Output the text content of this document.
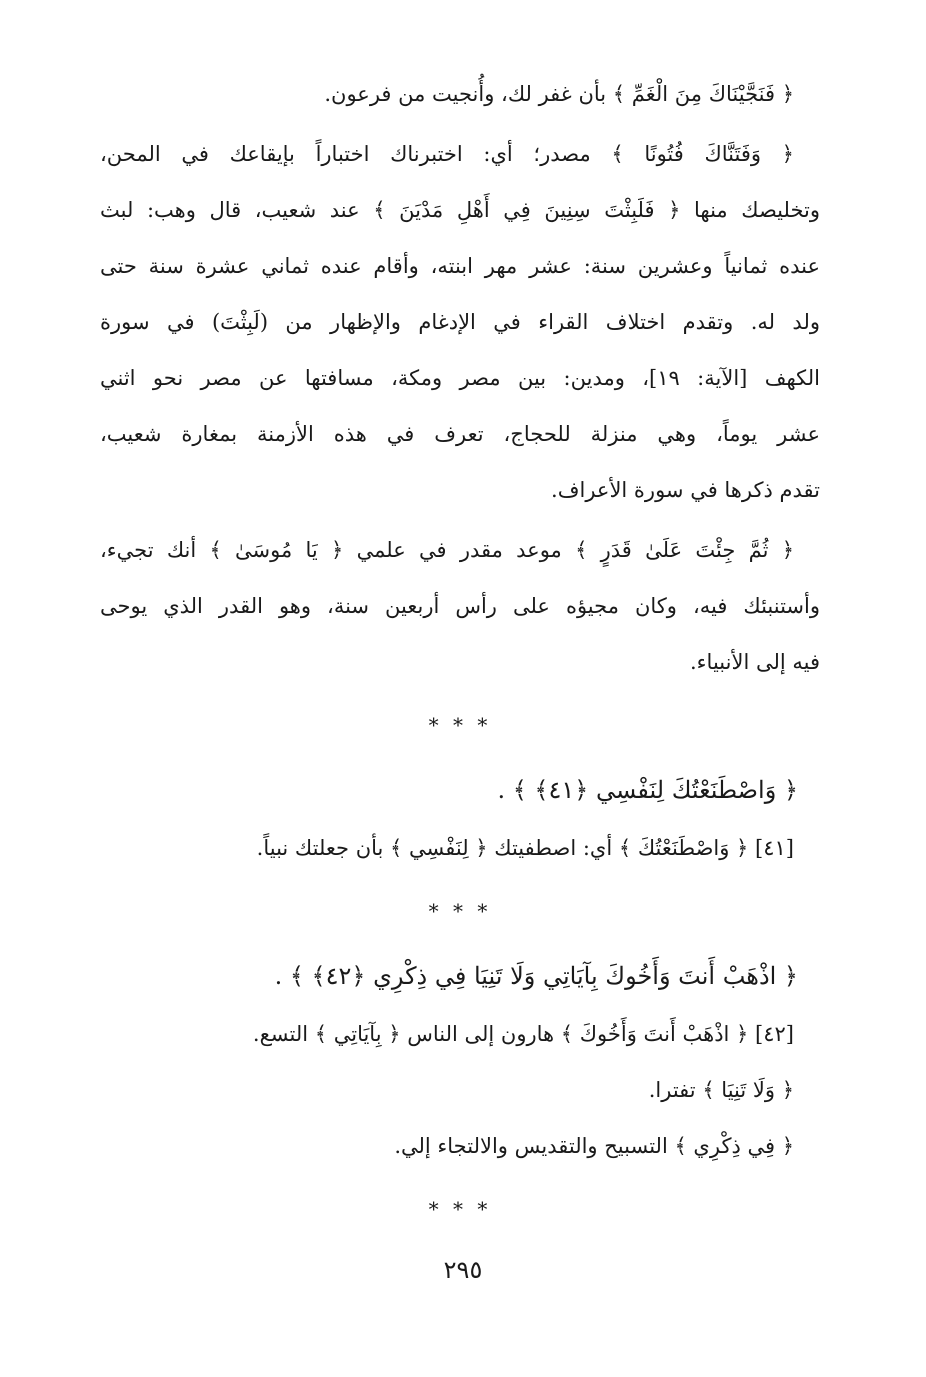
﴿ فَنَجَّيْنَاكَ مِنَ الْغَمِّ ﴾ بأن غفر لك، وأُنجيت من فرعون.
﴿ وَفَتَنَّاكَ فُتُونًا ﴾ مصدر؛ أي: اختبرناك اختباراً بإيقاعك في المحن،
وتخليصك منها ﴿ فَلَبِثْتَ سِنِينَ فِي أَهْلِ مَدْيَنَ ﴾ عند شعيب، قال وهب: لبث
عنده ثمانياً وعشرين سنة: عشر مهر ابنته، وأقام عنده ثماني عشرة سنة حتى
ولد له. وتقدم اختلاف القراء في الإدغام والإظهار من (لَبِثْتَ) في سورة
الكهف [الآية: ١٩]، ومدين: بين مصر ومكة، مسافتها عن مصر نحو اثني
عشر يوماً، وهي منزلة للحجاج، تعرف في هذه الأزمنة بمغارة شعيب،
تقدم ذكرها في سورة الأعراف.
﴿ ثُمَّ جِئْتَ عَلَىٰ قَدَرٍ ﴾ موعد مقدر في علمي ﴿ يَا مُوسَىٰ ﴾ أنك تجيء،
وأستنبئك فيه، وكان مجيؤه على رأس أربعين سنة، وهو القدر الذي يوحى
فيه إلى الأنبياء.
* * *
﴿ وَاصْطَنَعْتُكَ لِنَفْسِي ﴿٤١﴾ ﴾ .
[٤١] ﴿ وَاصْطَنَعْتُكَ ﴾ أي: اصطفيتك ﴿ لِنَفْسِي ﴾ بأن جعلتك نبياً.
* * *
﴿ اذْهَبْ أَنتَ وَأَخُوكَ بِآيَاتِي وَلَا تَنِيَا فِي ذِكْرِي ﴿٤٢﴾ ﴾ .
[٤٢] ﴿ اذْهَبْ أَنتَ وَأَخُوكَ ﴾ هارون إلى الناس ﴿ بِآيَاتِي ﴾ التسع.
﴿ وَلَا تَنِيَا ﴾ تفترا.
﴿ فِي ذِكْرِي ﴾ التسبيح والتقديس والالتجاء إلي.
* * *
٢٩٥
